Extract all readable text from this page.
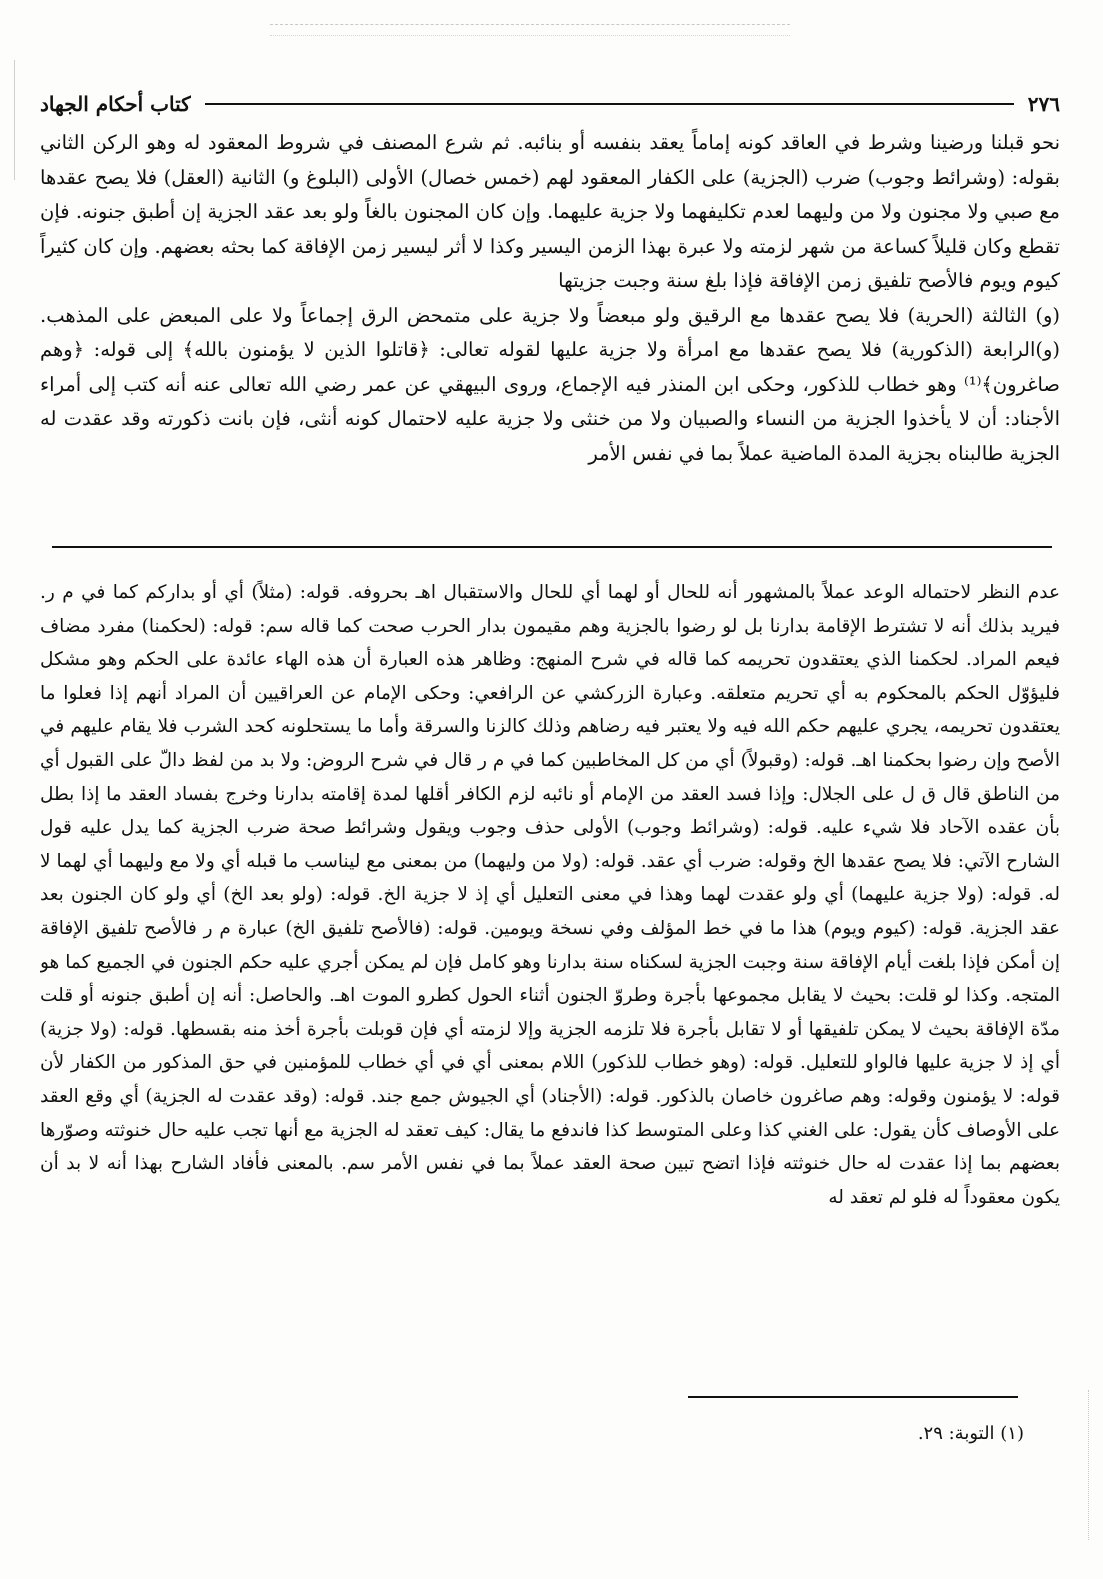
٢٧٦
كتاب أحكام الجهاد

نحو قبلنا ورضينا وشرط في العاقد كونه إماماً يعقد بنفسه أو بنائبه. ثم شرع المصنف في شروط المعقود له وهو الركن الثاني بقوله: (وشرائط وجوب) ضرب (الجزية) على الكفار المعقود لهم (خمس خصال) الأولى (البلوغ و) الثانية (العقل) فلا يصح عقدها مع صبي ولا مجنون ولا من وليهما لعدم تكليفهما ولا جزية عليهما. وإن كان المجنون بالغاً ولو بعد عقد الجزية إن أطبق جنونه. فإن تقطع وكان قليلاً كساعة من شهر لزمته ولا عبرة بهذا الزمن اليسير وكذا لا أثر ليسير زمن الإفاقة كما بحثه بعضهم. وإن كان كثيراً كيوم ويوم فالأصح تلفيق زمن الإفاقة فإذا بلغ سنة وجبت جزيتها

(و) الثالثة (الحرية) فلا يصح عقدها مع الرقيق ولو مبعضاً ولا جزية على متمحض الرق إجماعاً ولا على المبعض على المذهب. (و)الرابعة (الذكورية) فلا يصح عقدها مع امرأة ولا جزية عليها لقوله تعالى: ﴿قاتلوا الذين لا يؤمنون بالله﴾ إلى قوله: ﴿وهم صاغرون﴾⁽¹⁾ وهو خطاب للذكور، وحكى ابن المنذر فيه الإجماع، وروى البيهقي عن عمر رضي الله تعالى عنه أنه كتب إلى أمراء الأجناد: أن لا يأخذوا الجزية من النساء والصبيان ولا من خنثى ولا جزية عليه لاحتمال كونه أنثى، فإن بانت ذكورته وقد عقدت له الجزية طالبناه بجزية المدة الماضية عملاً بما في نفس الأمر

عدم النظر لاحتماله الوعد عملاً بالمشهور أنه للحال أو لهما أي للحال والاستقبال اهـ بحروفه. قوله: (مثلاً) أي أو بداركم كما في م ر. فيريد بذلك أنه لا تشترط الإقامة بدارنا بل لو رضوا بالجزية وهم مقيمون بدار الحرب صحت كما قاله سم: قوله: (لحكمنا) مفرد مضاف فيعم المراد. لحكمنا الذي يعتقدون تحريمه كما قاله في شرح المنهج: وظاهر هذه العبارة أن هذه الهاء عائدة على الحكم وهو مشكل فليؤوّل الحكم بالمحكوم به أي تحريم متعلقه. وعبارة الزركشي عن الرافعي: وحكى الإمام عن العراقيين أن المراد أنهم إذا فعلوا ما يعتقدون تحريمه، يجري عليهم حكم الله فيه ولا يعتبر فيه رضاهم وذلك كالزنا والسرقة وأما ما يستحلونه كحد الشرب فلا يقام عليهم في الأصح وإن رضوا بحكمنا اهـ. قوله: (وقبولاً) أي من كل المخاطبين كما في م ر قال في شرح الروض: ولا بد من لفظ دالّ على القبول أي من الناطق قال ق ل على الجلال: وإذا فسد العقد من الإمام أو نائبه لزم الكافر أقلها لمدة إقامته بدارنا وخرج بفساد العقد ما إذا بطل بأن عقده الآحاد فلا شيء عليه. قوله: (وشرائط وجوب) الأولى حذف وجوب ويقول وشرائط صحة ضرب الجزية كما يدل عليه قول الشارح الآتي: فلا يصح عقدها الخ وقوله: ضرب أي عقد. قوله: (ولا من وليهما) من بمعنى مع ليناسب ما قبله أي ولا مع وليهما أي لهما لا له. قوله: (ولا جزية عليهما) أي ولو عقدت لهما وهذا في معنى التعليل أي إذ لا جزية الخ. قوله: (ولو بعد الخ) أي ولو كان الجنون بعد عقد الجزية. قوله: (كيوم ويوم) هذا ما في خط المؤلف وفي نسخة ويومين. قوله: (فالأصح تلفيق الخ) عبارة م ر فالأصح تلفيق الإفاقة إن أمكن فإذا بلغت أيام الإفاقة سنة وجبت الجزية لسكناه سنة بدارنا وهو كامل فإن لم يمكن أجري عليه حكم الجنون في الجميع كما هو المتجه. وكذا لو قلت: بحيث لا يقابل مجموعها بأجرة وطروّ الجنون أثناء الحول كطرو الموت اهـ. والحاصل: أنه إن أطبق جنونه أو قلت مدّة الإفاقة بحيث لا يمكن تلفيقها أو لا تقابل بأجرة فلا تلزمه الجزية وإلا لزمته أي فإن قوبلت بأجرة أخذ منه بقسطها. قوله: (ولا جزية) أي إذ لا جزية عليها فالواو للتعليل. قوله: (وهو خطاب للذكور) اللام بمعنى أي في أي خطاب للمؤمنين في حق المذكور من الكفار لأن قوله: لا يؤمنون وقوله: وهم صاغرون خاصان بالذكور. قوله: (الأجناد) أي الجيوش جمع جند. قوله: (وقد عقدت له الجزية) أي وقع العقد على الأوصاف كأن يقول: على الغني كذا وعلى المتوسط كذا فاندفع ما يقال: كيف تعقد له الجزية مع أنها تجب عليه حال خنوثته وصوّرها بعضهم بما إذا عقدت له حال خنوثته فإذا اتضح تبين صحة العقد عملاً بما في نفس الأمر سم. بالمعنى فأفاد الشارح بهذا أنه لا بد أن يكون معقوداً له فلو لم تعقد له

(١) التوبة: ٢٩.
